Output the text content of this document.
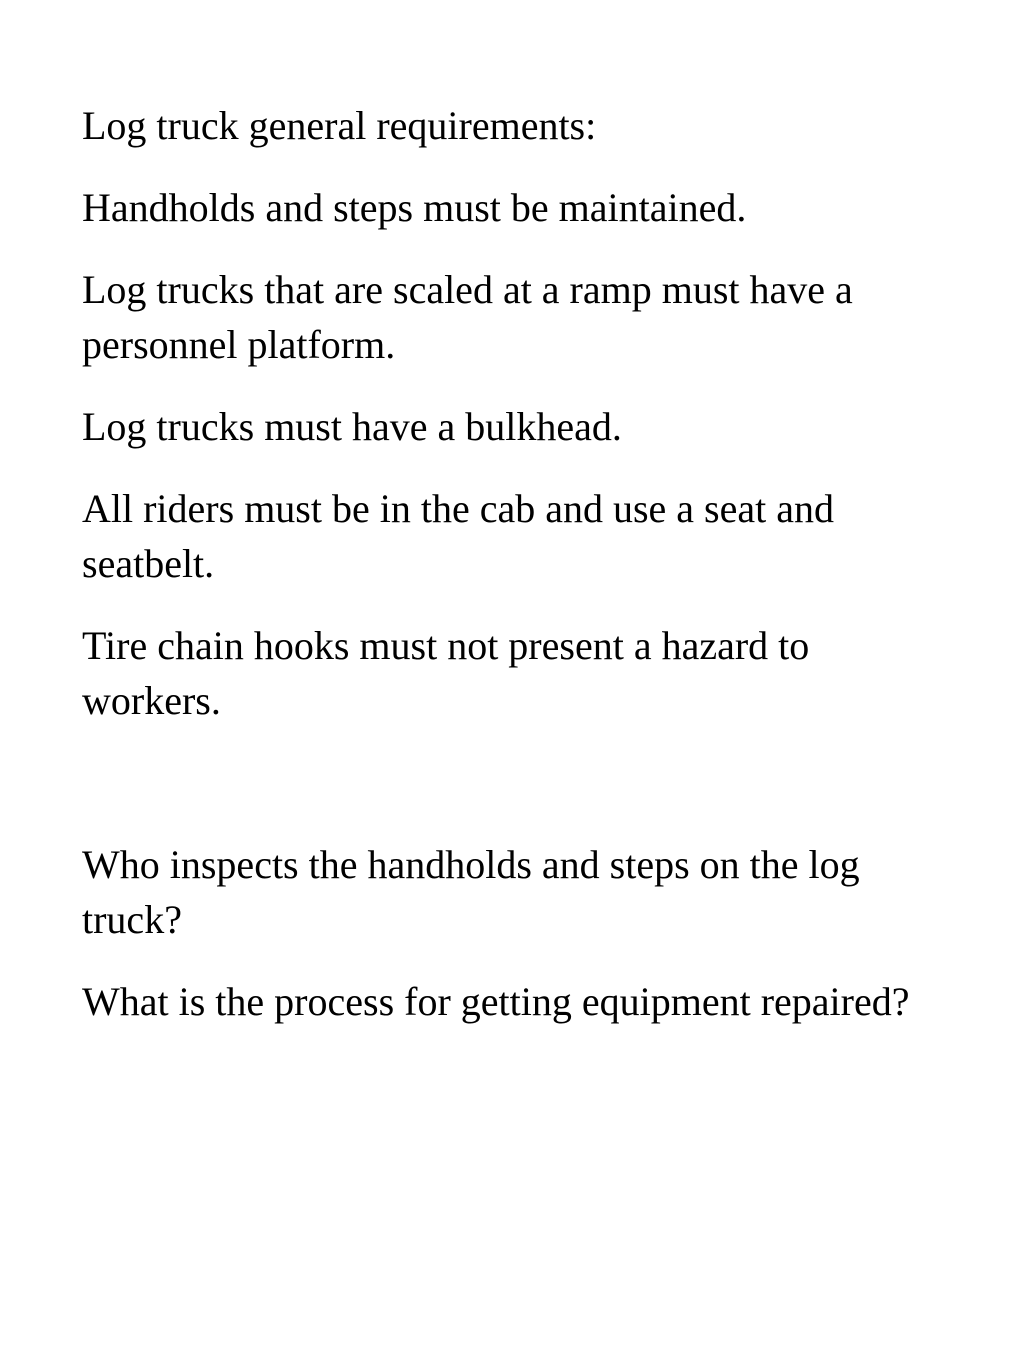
Log truck general requirements:

Handholds and steps must be maintained.

Log trucks that are scaled at a ramp must have a personnel platform.

Log trucks must have a bulkhead.

All riders must be in the cab and use a seat and seatbelt.

Tire chain hooks must not present a hazard to workers.

Who inspects the handholds and steps on the log truck?

What is the process for getting equipment repaired?
